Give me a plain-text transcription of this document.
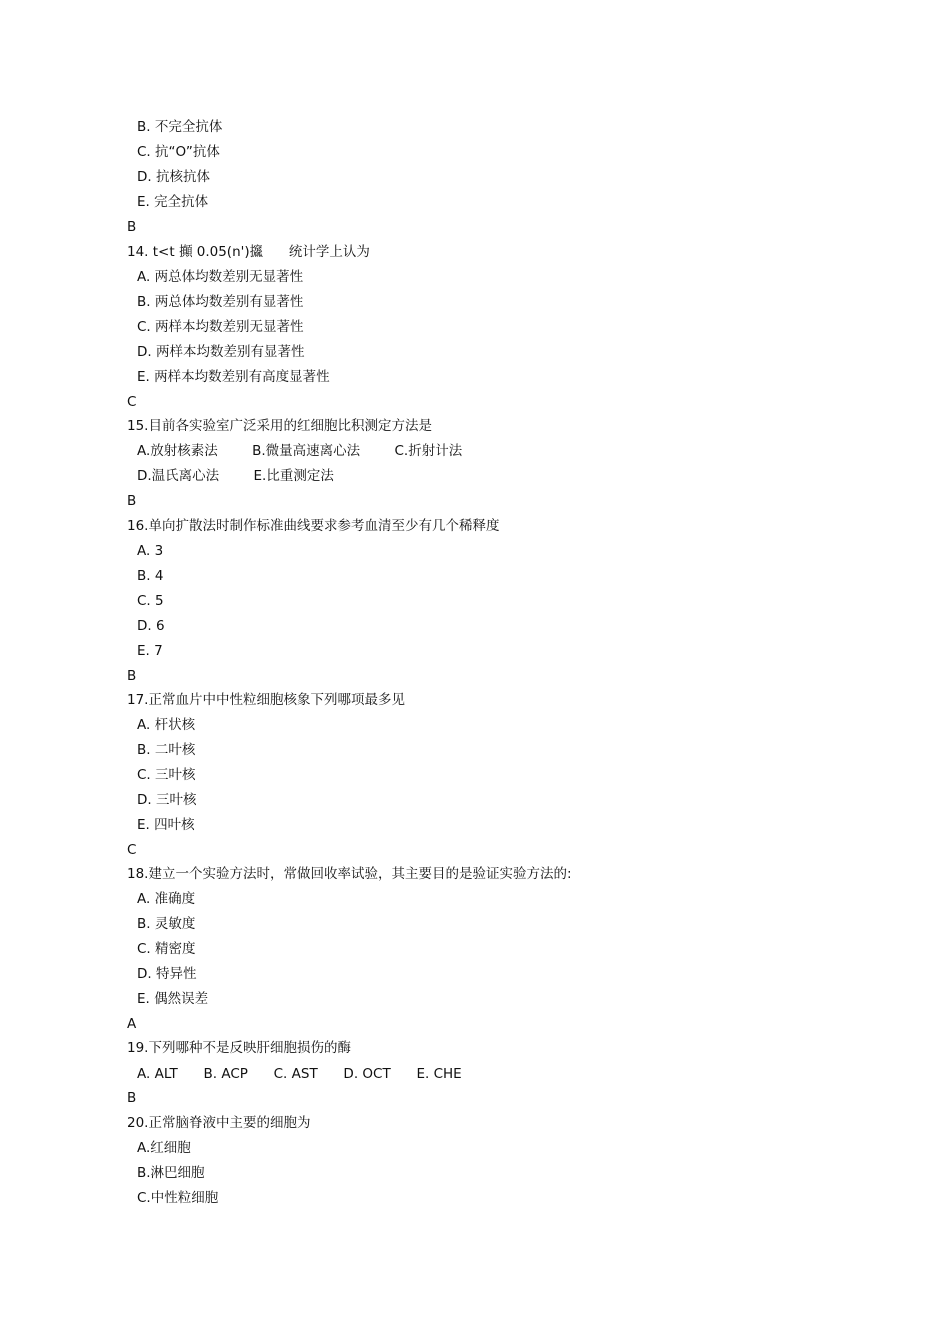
B. 不完全抗体
C. 抗“O”抗体
D. 抗核抗体
E. 完全抗体
B
14. t<t 攧 0.05(n')攨      统计学上认为
A. 两总体均数差别无显著性
B. 两总体均数差别有显著性
C. 两样本均数差别无显著性
D. 两样本均数差别有显著性
E. 两样本均数差别有高度显著性
C
15.目前各实验室广泛采用的红细胞比积测定方法是
A.放射核素法        B.微量高速离心法        C.折射计法
D.温氏离心法        E.比重测定法
B
16.单向扩散法时制作标准曲线要求参考血清至少有几个稀释度
A. 3
B. 4
C. 5
D. 6
E. 7
B
17.正常血片中中性粒细胞核象下列哪项最多见
A. 杆状核
B. 二叶核
C. 三叶核
D. 三叶核
E. 四叶核
C
18.建立一个实验方法时，常做回收率试验，其主要目的是验证实验方法的:
A. 准确度
B. 灵敏度
C. 精密度
D. 特异性
E. 偶然误差
A
19.下列哪种不是反映肝细胞损伤的酶
A. ALT      B. ACP      C. AST      D. OCT      E. CHE
B
20.正常脑脊液中主要的细胞为
A.红细胞
B.淋巴细胞
C.中性粒细胞
